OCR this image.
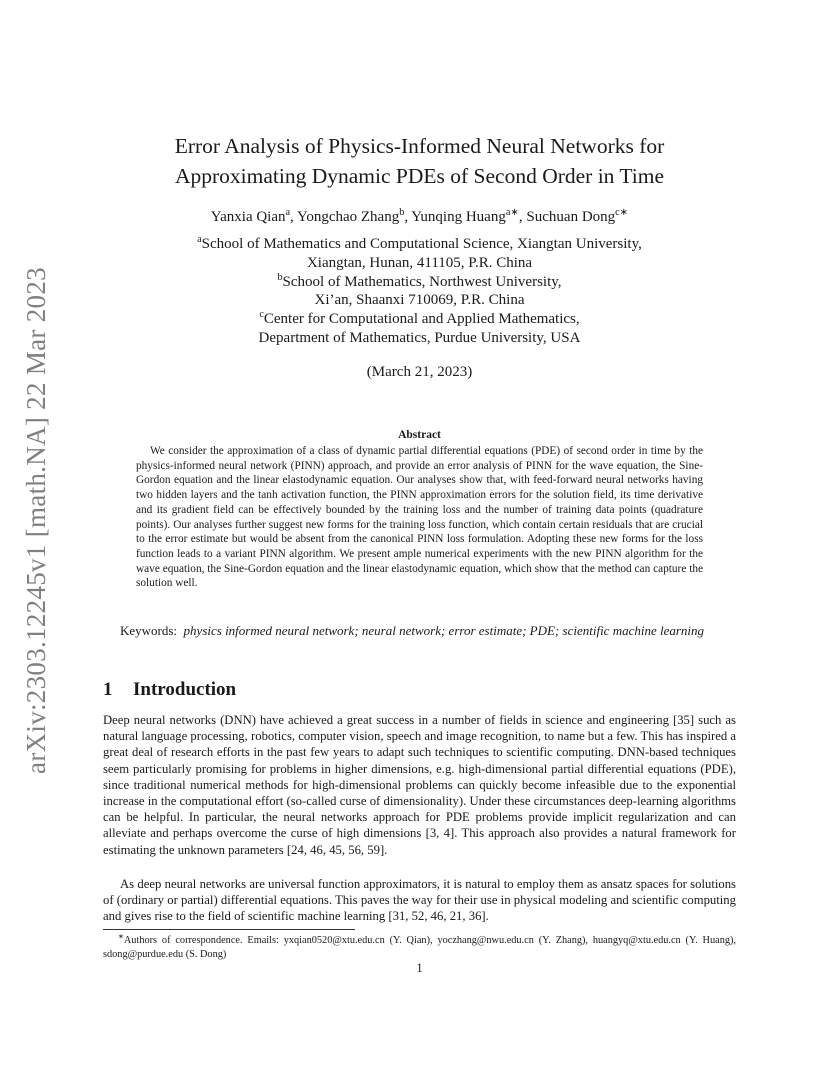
arXiv:2303.12245v1 [math.NA] 22 Mar 2023
Error Analysis of Physics-Informed Neural Networks for
Approximating Dynamic PDEs of Second Order in Time
Yanxia Qian$^a$, Yongchao Zhang$^b$, Yunqing Huang$^{a∗}$, Suchuan Dong$^{c∗}$
$^a$School of Mathematics and Computational Science, Xiangtan University,
Xiangtan, Hunan, 411105, P.R. China
$^b$School of Mathematics, Northwest University,
Xi’an, Shaanxi 710069, P.R. China
$^c$Center for Computational and Applied Mathematics,
Department of Mathematics, Purdue University, USA
(March 21, 2023)
Abstract

We consider the approximation of a class of dynamic partial differential equations (PDE) of second order in time by the physics-informed neural network (PINN) approach, and provide an error analysis of PINN for the wave equation, the Sine-Gordon equation and the linear elastodynamic equation. Our analyses show that, with feed-forward neural networks having two hidden layers and the tanh activation function, the PINN approximation errors for the solution field, its time derivative and its gradient field can be effectively bounded by the training loss and the number of training data points (quadrature points). Our analyses further suggest new forms for the training loss function, which contain certain residuals that are crucial to the error estimate but would be absent from the canonical PINN loss formulation. Adopting these new forms for the loss function leads to a variant PINN algorithm. We present ample numerical experiments with the new PINN algorithm for the wave equation, the Sine-Gordon equation and the linear elastodynamic equation, which show that the method can capture the solution well.

Keywords: physics informed neural network; neural network; error estimate; PDE; scientific machine learning

1 Introduction

Deep neural networks (DNN) have achieved a great success in a number of fields in science and engineering [35] such as natural language processing, robotics, computer vision, speech and image recognition, to name but a few. This has inspired a great deal of research efforts in the past few years to adapt such techniques to scientific computing. DNN-based techniques seem particularly promising for problems in higher dimensions, e.g. high-dimensional partial differential equations (PDE), since traditional numerical methods for high-dimensional problems can quickly become infeasible due to the exponential increase in the computational effort (so-called curse of dimensionality). Under these circumstances deep-learning algorithms can be helpful. In particular, the neural networks approach for PDE problems provide implicit regularization and can alleviate and perhaps overcome the curse of high dimensions [3, 4]. This approach also provides a natural framework for estimating the unknown parameters [24, 46, 45, 56, 59].

As deep neural networks are universal function approximators, it is natural to employ them as ansatz spaces for solutions of (ordinary or partial) differential equations. This paves the way for their use in physical modeling and scientific computing and gives rise to the field of scientific machine learning [31, 52, 46, 21, 36].

∗Authors of correspondence. Emails: yxqian0520@xtu.edu.cn (Y. Qian), yoczhang@nwu.edu.cn (Y. Zhang), huangyq@xtu.edu.cn (Y. Huang), sdong@purdue.edu (S. Dong)

1
